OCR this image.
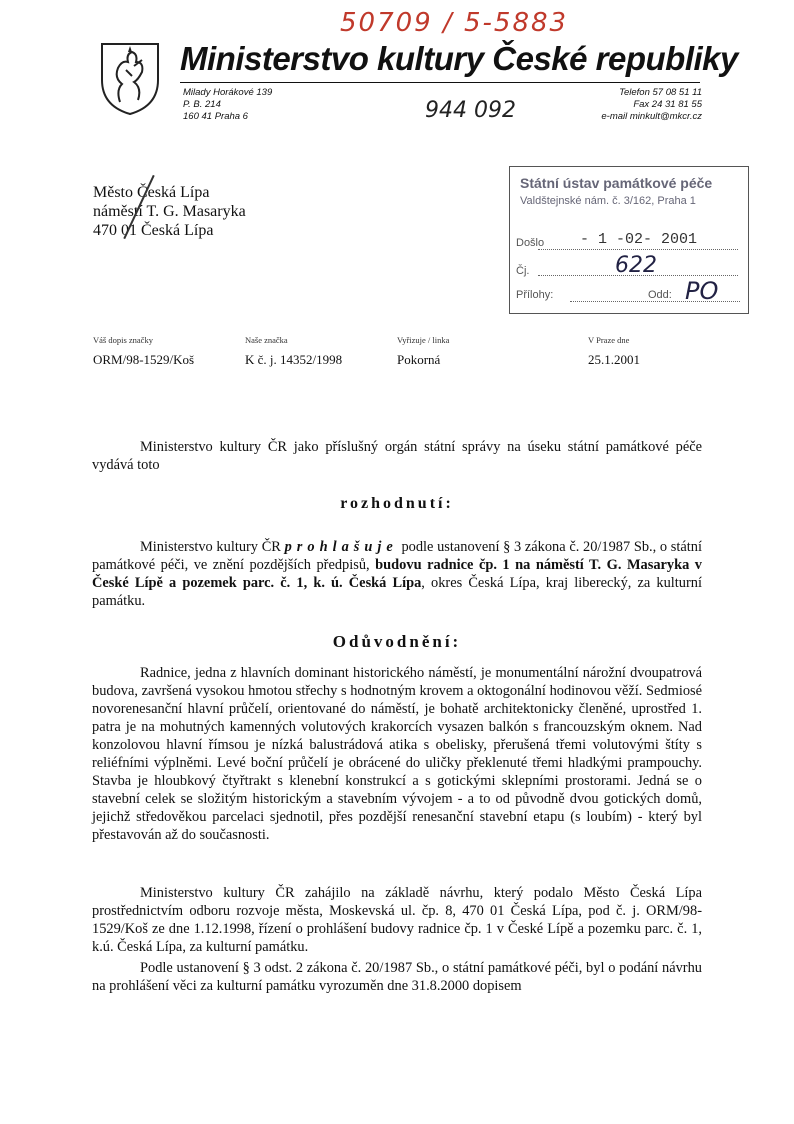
50709 / 5-5883
944 092
Ministerstvo kultury České republiky
Milady Horákové 139
P. B. 214
160 41 Praha 6
Telefon 57 08 51 11
Fax 24 31 81 55
e-mail minkult@mkcr.cz
Město Česká Lípa
náměstí T. G. Masaryka
470 01 Česká Lípa
Státní ústav památkové péče
Valdštejnské nám. č. 3/162, Praha 1
Došlo - 1 -02- 2001
Čj.	622
Přílohy:	Odd: PO
Váš dopis značky
ORM/98-1529/Koš
Naše značka
K č. j. 14352/1998
Vyřizuje / linka
Pokorná
V Praze dne
25.1.2001
Ministerstvo kultury ČR jako příslušný orgán státní správy na úseku státní památkové péče vydává toto
rozhodnutí:
Ministerstvo kultury ČR prohlašuje podle ustanovení § 3 zákona č. 20/1987 Sb., o státní památkové péči, ve znění pozdějších předpisů, budovu radnice čp. 1 na náměstí T. G. Masaryka v České Lípě a pozemek parc. č. 1, k. ú. Česká Lípa, okres Česká Lípa, kraj liberecký, za kulturní památku.
Odůvodnění:
Radnice, jedna z hlavních dominant historického náměstí, je monumentální nárožní dvoupatrová budova, završená vysokou hmotou střechy s hodnotným krovem a oktogonální hodinovou věží. Sedmiosé novorenesanční hlavní průčelí, orientované do náměstí, je bohatě architektonicky členěné, uprostřed 1. patra je na mohutných kamenných volutových krakorcích vysazen balkón s francouzským oknem. Nad konzolovou hlavní římsou je nízká balustrádová atika s obelisky, přerušená třemi volutovými štíty s reliéfními výplněmi. Levé boční průčelí je obrácené do uličky překlenuté třemi hladkými prampouchy. Stavba je hloubkový čtyřtrakt s klenební konstrukcí a s gotickými sklepními prostorami. Jedná se o stavební celek se složitým historickým a stavebním vývojem - a to od původně dvou gotických domů, jejichž středověkou parcelaci sjednotil, přes pozdější renesanční stavební etapu (s loubím) - který byl přestavován až do současnosti.
Ministerstvo kultury ČR zahájilo na základě návrhu, který podalo Město Česká Lípa prostřednictvím odboru rozvoje města, Moskevská ul. čp. 8, 470 01 Česká Lípa, pod č. j. ORM/98-1529/Koš ze dne 1.12.1998, řízení o prohlášení budovy radnice čp. 1 v České Lípě a pozemku parc. č. 1, k.ú. Česká Lípa, za kulturní památku.
Podle ustanovení § 3 odst. 2 zákona č. 20/1987 Sb., o státní památkové péči, byl o podání návrhu na prohlášení věci za kulturní památku vyrozuměn dne 31.8.2000 dopisem
